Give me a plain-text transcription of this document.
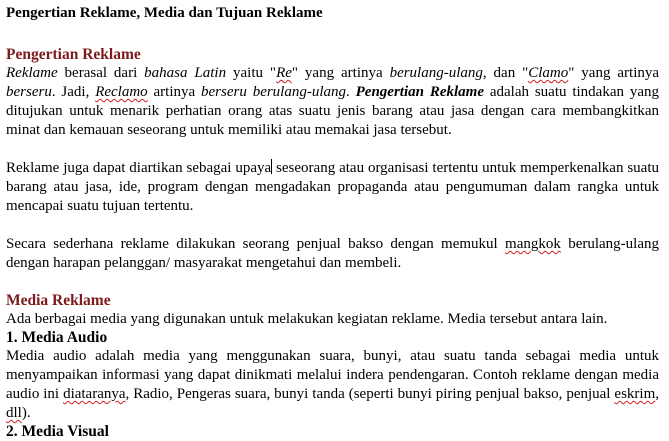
Pengertian Reklame, Media dan Tujuan Reklame

Pengertian Reklame

Reklame berasal dari bahasa Latin yaitu "Re" yang artinya berulang-ulang, dan "Clamo" yang artinya berseru. Jadi, Reclamo artinya berseru berulang-ulang. Pengertian Reklame adalah suatu tindakan yang ditujukan untuk menarik perhatian orang atas suatu jenis barang atau jasa dengan cara membangkitkan minat dan kemauan seseorang untuk memiliki atau memakai jasa tersebut.

Reklame juga dapat diartikan sebagai upaya seseorang atau organisasi tertentu untuk memperkenalkan suatu barang atau jasa, ide, program dengan mengadakan propaganda atau pengumuman dalam rangka untuk mencapai suatu tujuan tertentu.

Secara sederhana reklame dilakukan seorang penjual bakso dengan memukul mangkok berulang-ulang dengan harapan pelanggan/ masyarakat mengetahui dan membeli.

Media Reklame

Ada berbagai media yang digunakan untuk melakukan kegiatan reklame. Media tersebut antara lain.

1. Media Audio

Media audio adalah media yang menggunakan suara, bunyi, atau suatu tanda sebagai media untuk menyampaikan informasi yang dapat dinikmati melalui indera pendengaran. Contoh reklame dengan media audio ini diataranya, Radio, Pengeras suara, bunyi tanda (seperti bunyi piring penjual bakso, penjual eskrim, dll).

2. Media Visual
